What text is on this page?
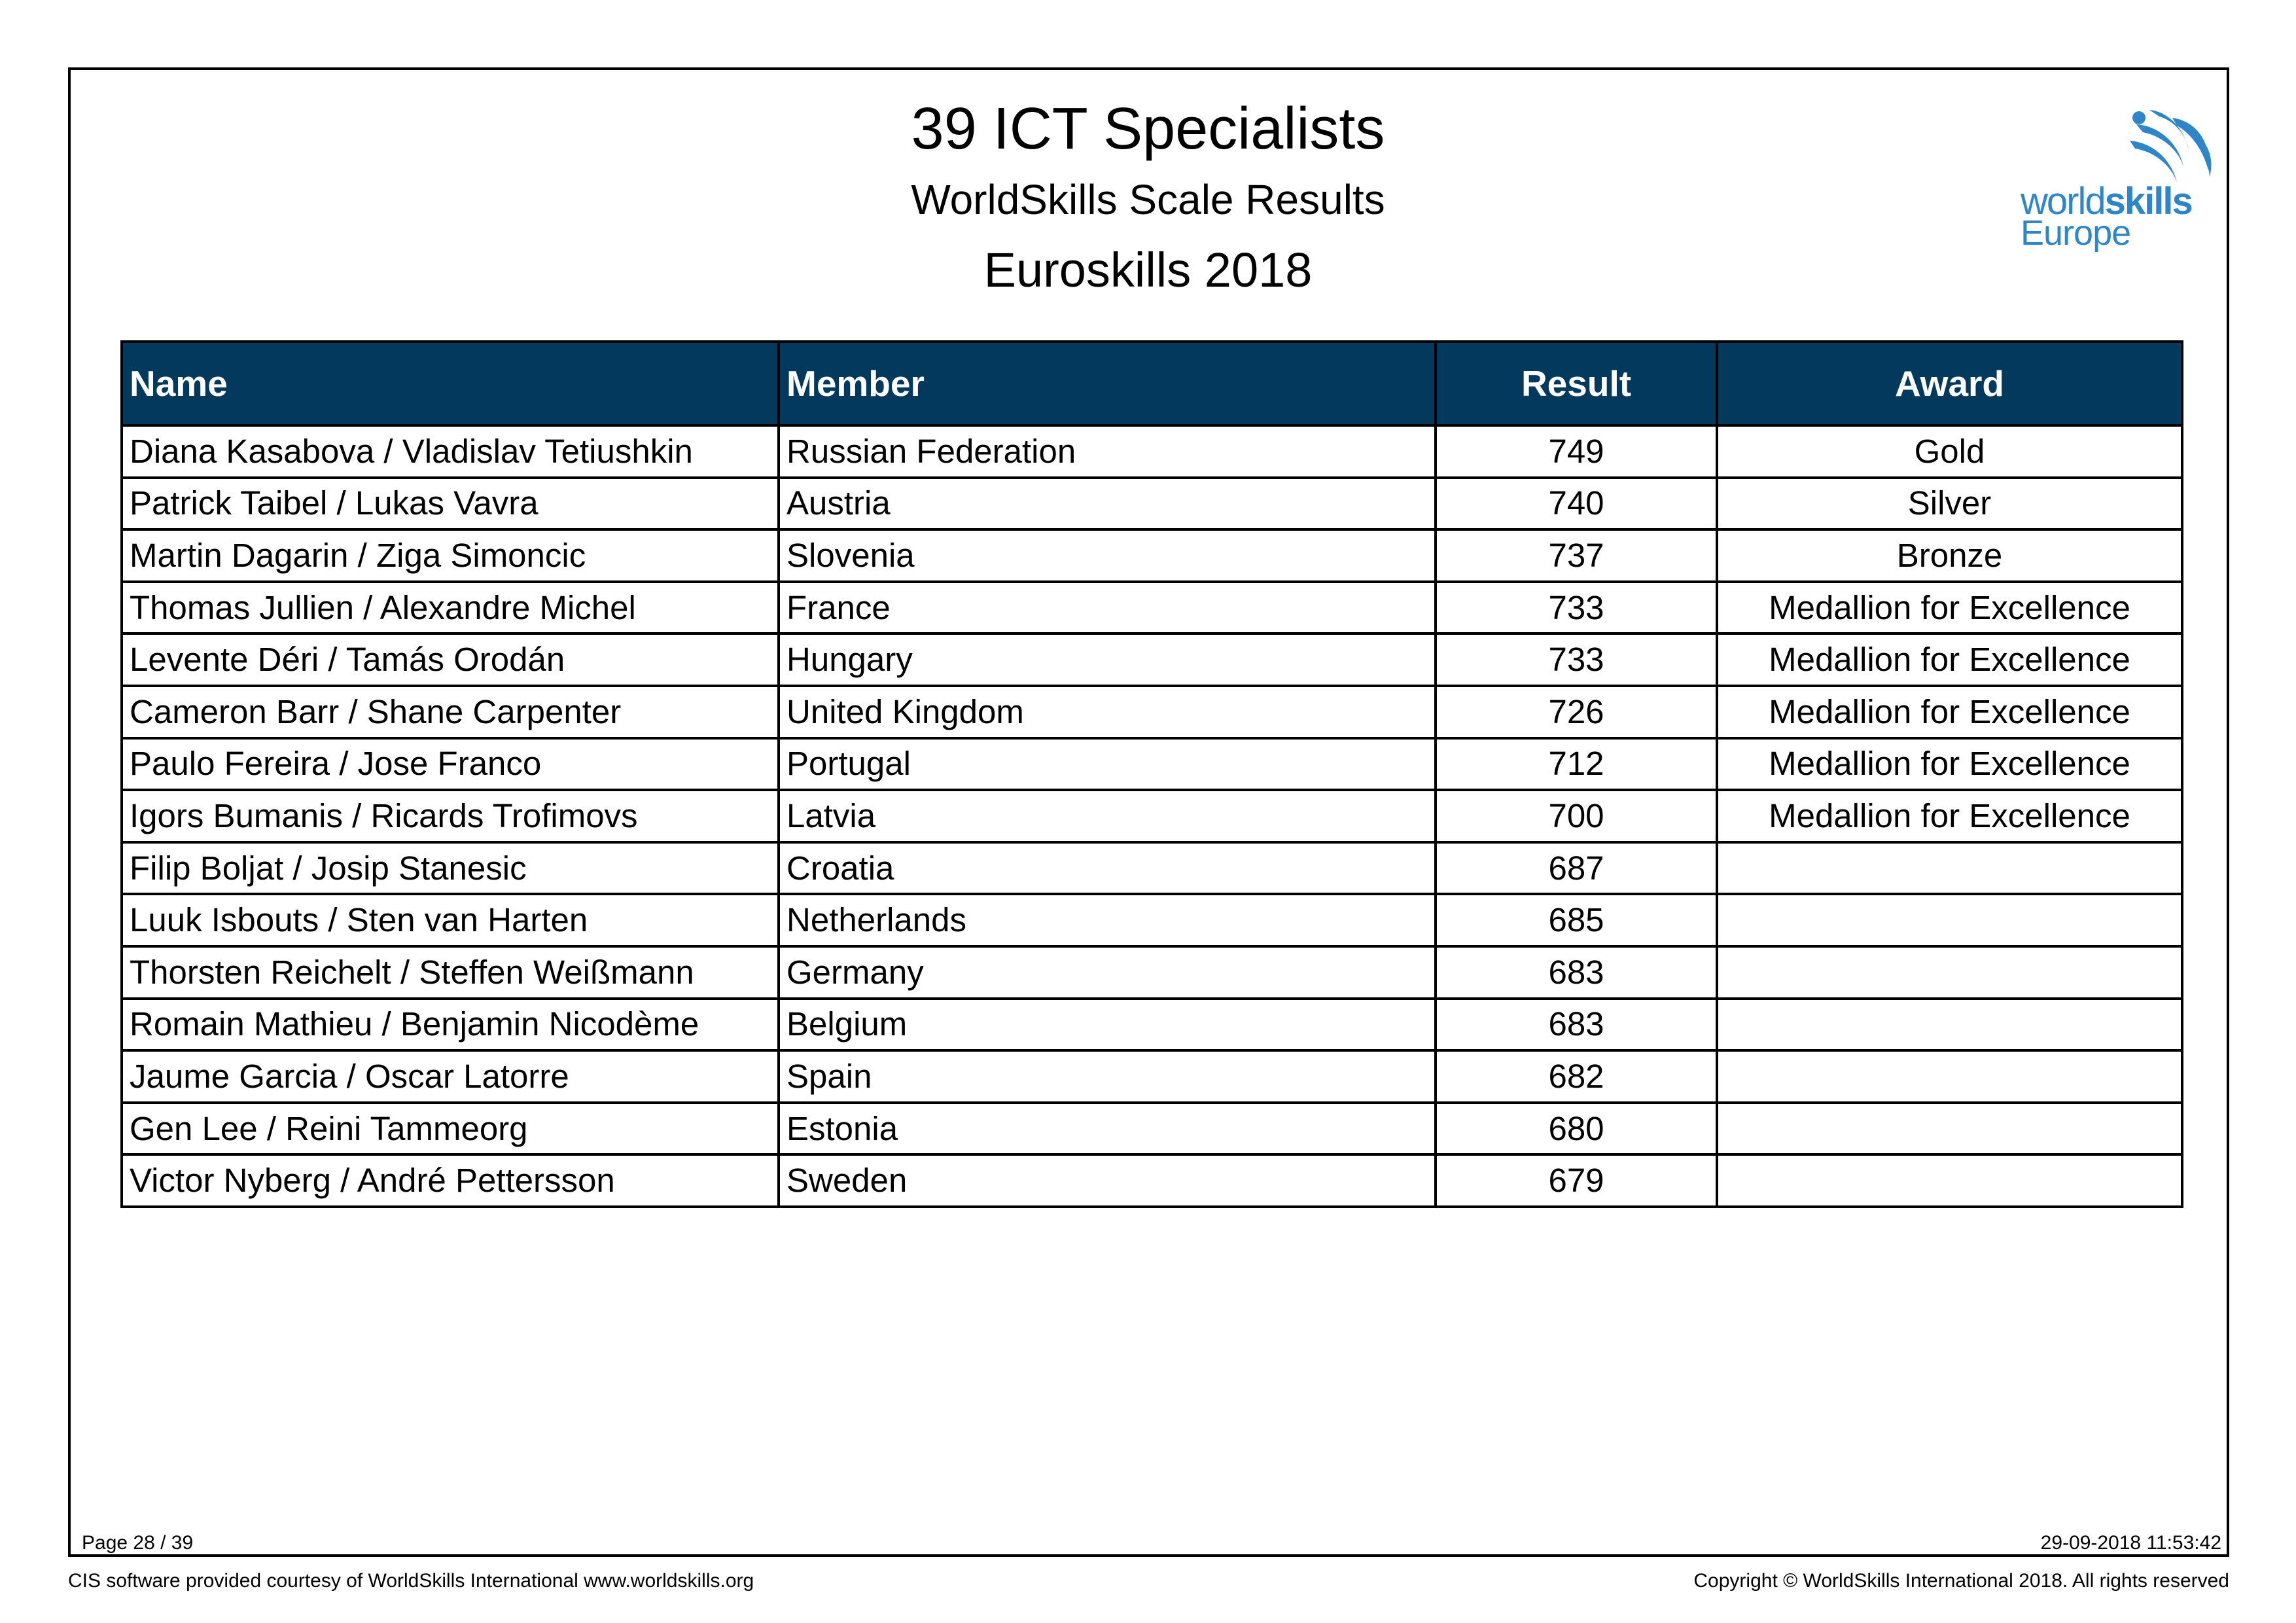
39 ICT Specialists
WorldSkills Scale Results
Euroskills 2018
worldskills
Europe
Name	Member	Result	Award
Diana Kasabova / Vladislav Tetiushkin	Russian Federation	749	Gold
Patrick Taibel / Lukas Vavra	Austria	740	Silver
Martin Dagarin / Ziga Simoncic	Slovenia	737	Bronze
Thomas Jullien / Alexandre Michel	France	733	Medallion for Excellence
Levente Déri / Tamás Orodán	Hungary	733	Medallion for Excellence
Cameron Barr / Shane Carpenter	United Kingdom	726	Medallion for Excellence
Paulo Fereira / Jose Franco	Portugal	712	Medallion for Excellence
Igors Bumanis / Ricards Trofimovs	Latvia	700	Medallion for Excellence
Filip Boljat / Josip Stanesic	Croatia	687	
Luuk Isbouts / Sten van Harten	Netherlands	685	
Thorsten Reichelt / Steffen Weißmann	Germany	683	
Romain Mathieu / Benjamin Nicodème	Belgium	683	
Jaume Garcia / Oscar Latorre	Spain	682	
Gen Lee / Reini Tammeorg	Estonia	680	
Victor Nyberg / André Pettersson	Sweden	679	
Page 28 / 39	29-09-2018 11:53:42
CIS software provided courtesy of WorldSkills International www.worldskills.org	Copyright © WorldSkills International 2018. All rights reserved
